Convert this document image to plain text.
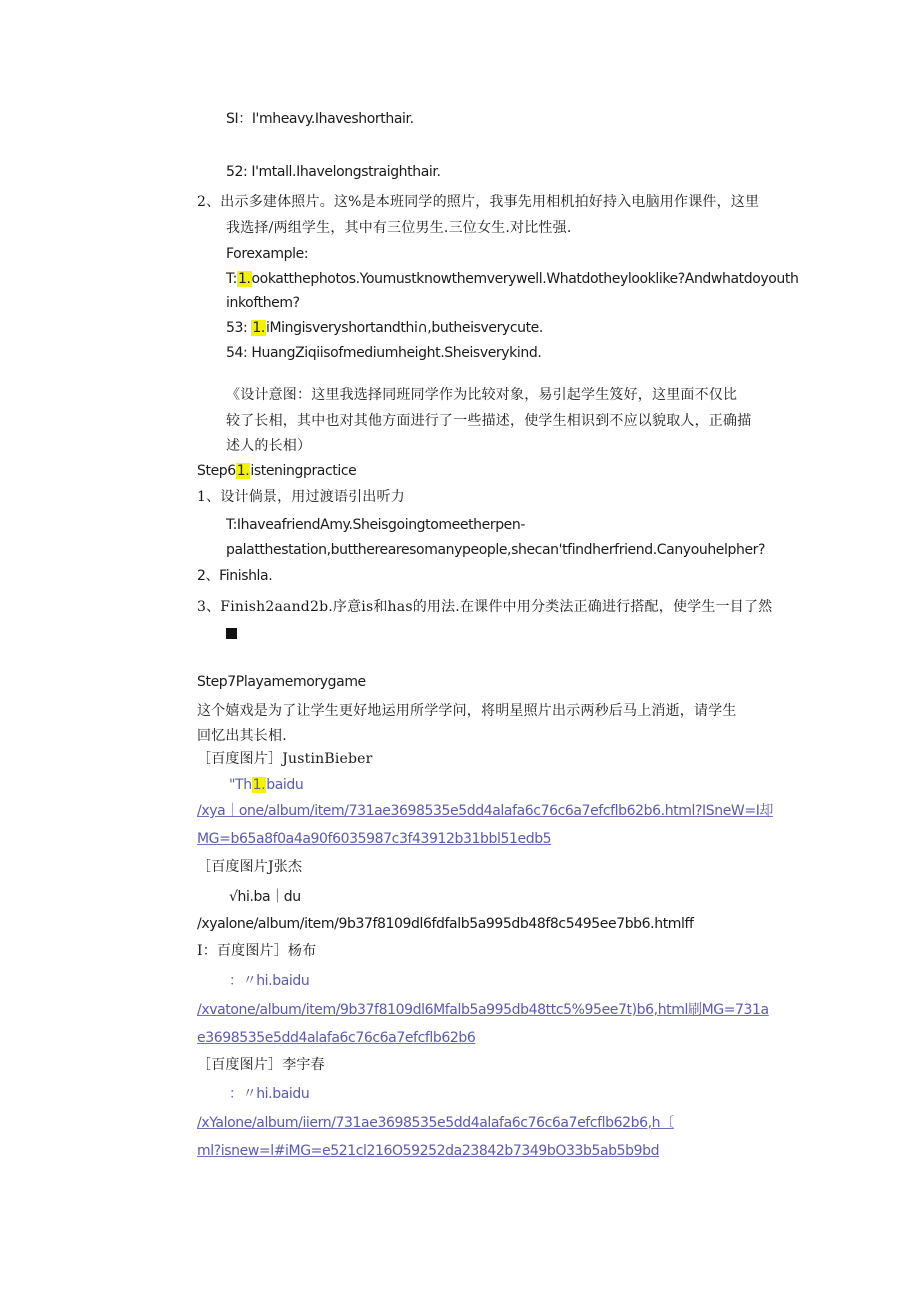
SI：I'mheavy.Ihaveshorthair.
52: I'mtall.Ihavelongstraighthair.
2、出示多建体照片。这%是本班同学的照片，我事先用相机拍好持入电脑用作课件，这里
我选择/两组学生，其中有三位男生.三位女生.对比性强.
Forexample:
T:1.ookatthephotos.Youmustknowthemverywell.Whatdotheylooklike?Andwhatdoyouth
inkofthem?
53: 1.iMingisveryshortandthi∩,butheisverycute.
54: HuangZiqiisofmediumheight.Sheisverykind.
《设计意图：这里我选择同班同学作为比较对象，易引起学生笈好，这里面不仅比
较了长相，其中也对其他方面进行了一些描述，使学生相识到不应以貌取人，正确描
述人的长相）
Step61.isteningpractice
1、设计倘景，用过渡语引出听力
T:IhaveafriendAmy.Sheisgoingtomeetherpen-
palatthestation,buttherearesomanypeople,shecan'tfindherfriend.Canyouhelpher?
2、Finishla.
3、Finish2aand2b.序意is和has的用法.在课件中用分类法正确进行搭配，使学生一目了然
Step7Playamemorygame
这个嬉戏是为了让学生更好地运用所学学问，将明星照片出示两秒后马上消逝，请学生
回忆出其长相.
［百度图片］JustinBieber
"Th1.baidu
/xya｜one/album/item/731ae3698535e5dd4alafa6c76c6a7efcflb62b6.html?ISneW=I却
MG=b65a8f0a4a90f6035987c3f43912b31bbl51edb5
［百度图片J张杰
√hi.ba｜du
/xyalone/album/item/9b37f8109dl6fdfalb5a995db48f8c5495ee7bb6.htmlff
I：百度图片］杨布
：〃hi.baidu
/xvatone/album/item/9b37f8109dl6Mfalb5a995db48ttc5%95ee7t)b6,html刷MG=731a
e3698535e5dd4alafa6c76c6a7efcflb62b6
［百度图片］李宇春
：〃hi.baidu
/xYalone/album/iiern/731ae3698535e5dd4alafa6c76c6a7efcflb62b6,h〔
ml?isnew=l#iMG=e521cl216O59252da23842b7349bO33b5ab5b9bd
